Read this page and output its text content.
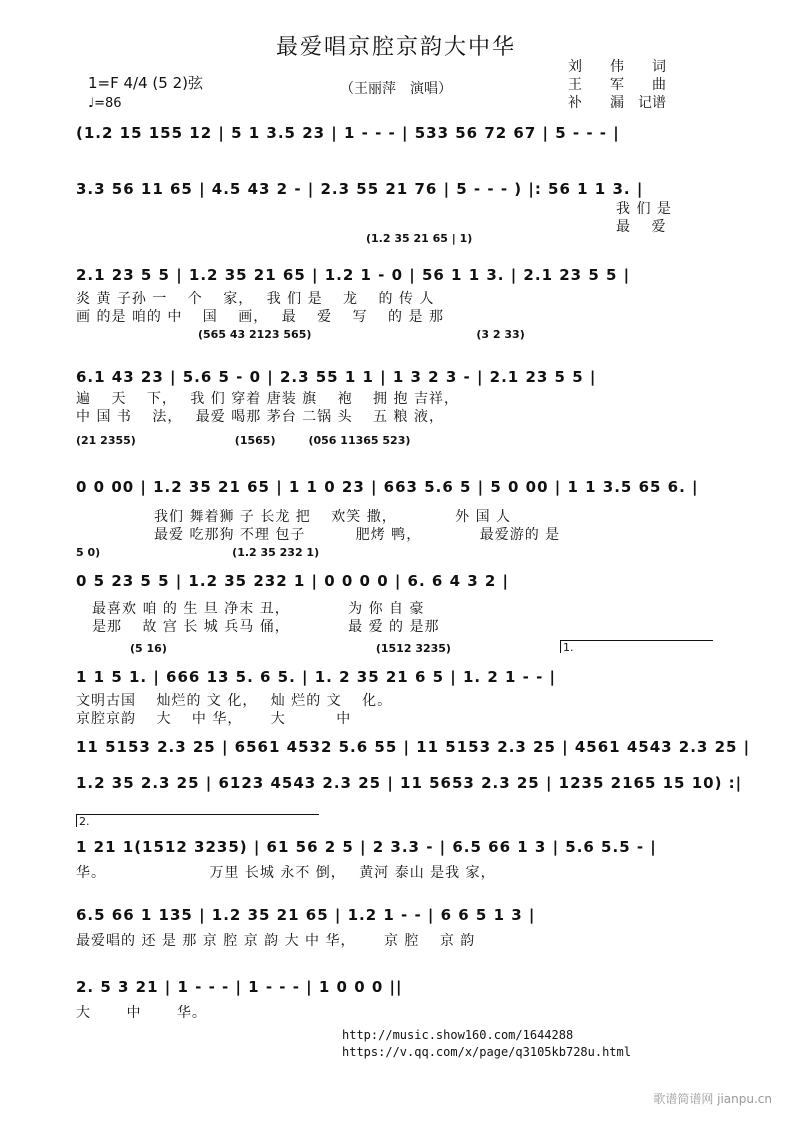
最爱唱京腔京韵大中华
（王丽萍　演唱）
刘　　伟　　词
王　　军　　曲
补　　漏　记谱
1=F 4/4 (5 2)弦
♩=86
(1.2 15 155 12 | 5 1 3.5 23 | 1 - - - | 533 56 72 67 | 5 - - - |
3.3 56 11 65 | 4.5 43 2 - | 2.3 55 21 76 | 5 - - - ) |: 56 1 1 3. |
我 们 是
最　 爱
(1.2 35 21 65 | 1)
2.1 23 5 5 | 1.2 35 21 65 | 1.2 1 - 0 | 56 1 1 3. | 2.1 23 5 5 |
炎 黄 子孙 一　 个　 家，　 我 们 是　 龙　 的 传 人
画 的是 咱的 中　 国　 画，　 最　 爱　 写　 的 是 那
(565 43 2123 565)　　　　　　　　　　　　　　　(3 2 33)
6.1 43 23 | 5.6 5 - 0 | 2.3 55 1 1 | 1 3 2 3 - | 2.1 23 5 5 |
遍　 天　 下，　 我 们 穿着 唐装 旗　 袍　 拥 抱 吉祥，
中 国 书　 法，　 最爱 喝那 茅台 二锅 头　 五 粮 液，
(21 2355)　　　　　　　　　(1565)　　　(056 11365 523)
0 0 00 | 1.2 35 21 65 | 1 1 0 23 | 663 5.6 5 | 5 0 00 | 1 1 3.5 65 6. |
我们 舞着狮 子 长龙 把　 欢笑 撒，　　　　 外 国 人
最爱 吃那狗 不理 包子　　　 肥烤 鸭，　　　　 最爱游的 是
5 0)　　　　　　　　　　　　(1.2 35 232 1)
0 5 23 5 5 | 1.2 35 232 1 | 0 0 0 0 | 6. 6 4 3 2 |
最喜欢 咱 的 生 旦 净末 丑，　　　　 为 你 自 豪
是那　 故 宫 长 城 兵马 俑，　　　　 最 爱 的 是那
1.
(5 16)　　　　　　　　　　　　　　　　　　　(1512 3235)
1 1 5 1. | 666 13 5. 6 5. | 1. 2 35 21 6 5 | 1. 2 1 - - |
文明古国　 灿烂的 文 化，　 灿 烂的 文　 化。
京腔京韵　 大　 中 华，　　 大　　　 中
11 5153 2.3 25 | 6561 4532 5.6 55 | 11 5153 2.3 25 | 4561 4543 2.3 25 |
1.2 35 2.3 25 | 6123 4543 2.3 25 | 11 5653 2.3 25 | 1235 2165 15 10) :|
2.
1 21 1(1512 3235) | 61 56 2 5 | 2 3.3 - | 6.5 66 1 3 | 5.6 5.5 - |
华。　　　　　　　 万里 长城 永不 倒，　 黄河 泰山 是我 家，
6.5 66 1 135 | 1.2 35 21 65 | 1.2 1 - - | 6 6 5 1 3 |
最爱唱的 还 是 那 京 腔 京 韵 大 中 华，　　 京 腔　 京 韵
2. 5 3 21 | 1 - - - | 1 - - - | 1 0 0 0 ||
大　　 中　　 华。
http://music.show160.com/1644288
https://v.qq.com/x/page/q3105kb728u.html
歌谱简谱网 jianpu.cn
